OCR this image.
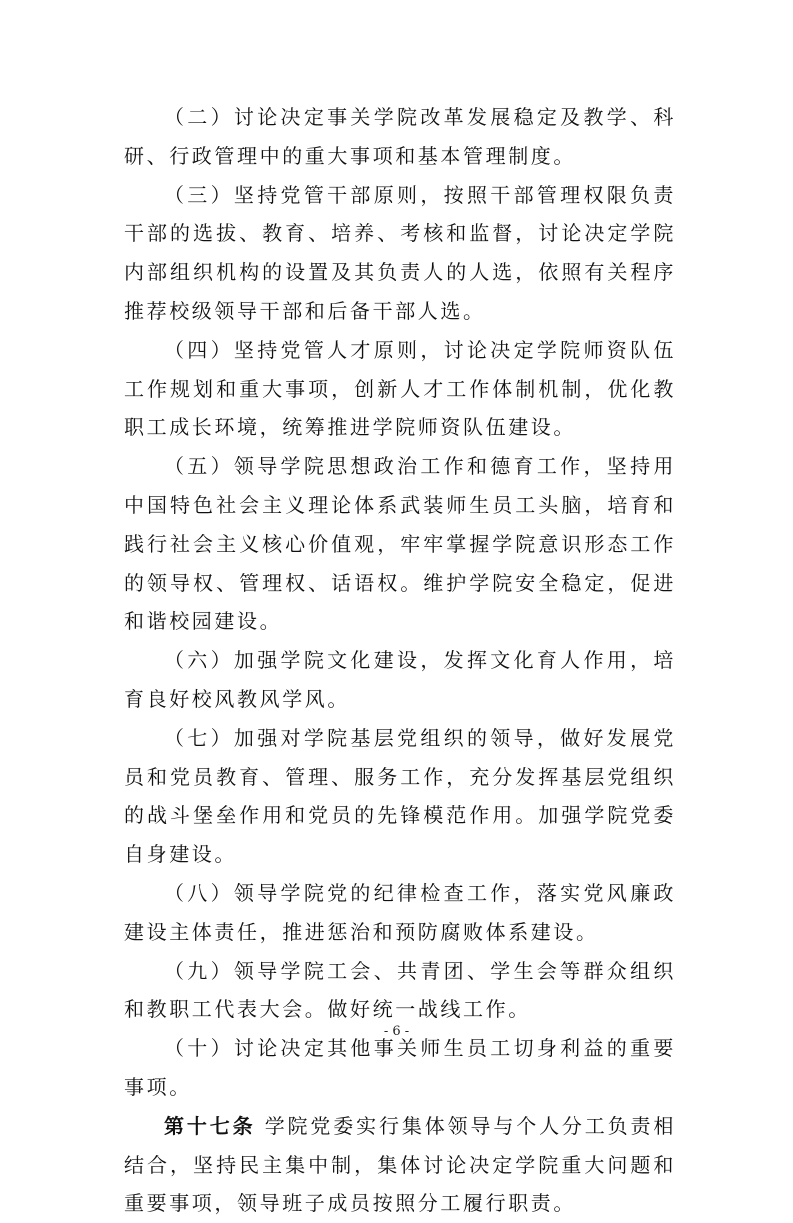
（二）讨论决定事关学院改革发展稳定及教学、科研、行政管理中的重大事项和基本管理制度。

（三）坚持党管干部原则，按照干部管理权限负责干部的选拔、教育、培养、考核和监督，讨论决定学院内部组织机构的设置及其负责人的人选，依照有关程序推荐校级领导干部和后备干部人选。

（四）坚持党管人才原则，讨论决定学院师资队伍工作规划和重大事项，创新人才工作体制机制，优化教职工成长环境，统筹推进学院师资队伍建设。

（五）领导学院思想政治工作和德育工作，坚持用中国特色社会主义理论体系武装师生员工头脑，培育和践行社会主义核心价值观，牢牢掌握学院意识形态工作的领导权、管理权、话语权。维护学院安全稳定，促进和谐校园建设。

（六）加强学院文化建设，发挥文化育人作用，培育良好校风教风学风。

（七）加强对学院基层党组织的领导，做好发展党员和党员教育、管理、服务工作，充分发挥基层党组织的战斗堡垒作用和党员的先锋模范作用。加强学院党委自身建设。

（八）领导学院党的纪律检查工作，落实党风廉政建设主体责任，推进惩治和预防腐败体系建设。

（九）领导学院工会、共青团、学生会等群众组织和教职工代表大会。做好统一战线工作。

（十）讨论决定其他事关师生员工切身利益的重要事项。

第十七条 学院党委实行集体领导与个人分工负责相结合，坚持民主集中制，集体讨论决定学院重大问题和重要事项，领导班子成员按照分工履行职责。

- 6 -
